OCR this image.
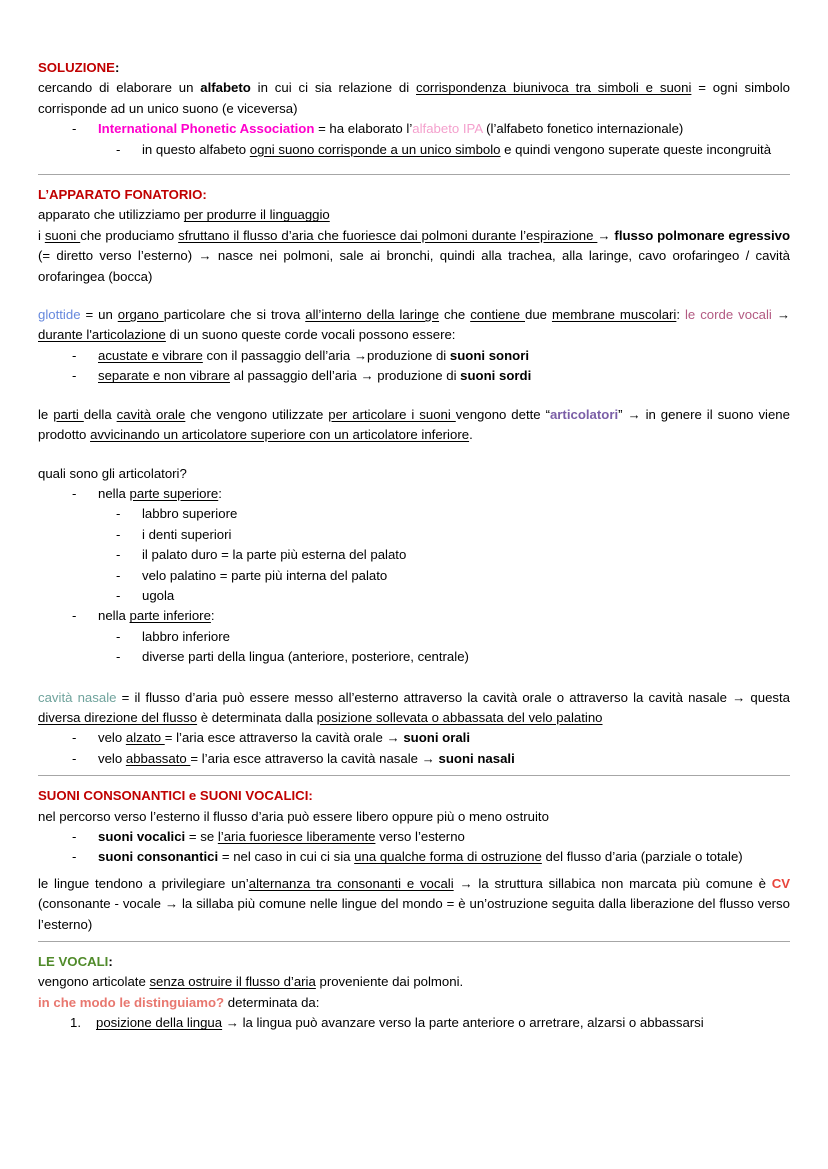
SOLUZIONE:

cercando di elaborare un alfabeto in cui ci sia relazione di corrispondenza biunivoca tra simboli e suoni = ogni simbolo corrisponde ad un unico suono (e viceversa)

- International Phonetic Association = ha elaborato l’alfabeto IPA (l’alfabeto fonetico internazionale)
- in questo alfabeto ogni suono corrisponde a un unico simbolo e quindi vengono superate queste incongruità

L’APPARATO FONATORIO:

apparato che utilizziamo per produrre il linguaggio

i suoni che produciamo sfruttano il flusso d’aria che fuoriesce dai polmoni durante l’espirazione → flusso polmonare egressivo (= diretto verso l’esterno) → nasce nei polmoni, sale ai bronchi, quindi alla trachea, alla laringe, cavo orofaringeo / cavità orofaringea (bocca)

glottide = un organo particolare che si trova all’interno della laringe che contiene due membrane muscolari: le corde vocali → durante l'articolazione di un suono queste corde vocali possono essere:

- acustate e vibrare con il passaggio dell’aria →produzione di suoni sonori
- separate e non vibrare al passaggio dell’aria → produzione di suoni sordi

le parti della cavità orale che vengono utilizzate per articolare i suoni vengono dette “articolatori” → in genere il suono viene prodotto avvicinando un articolatore superiore con un articolatore inferiore.

quali sono gli articolatori?

- nella parte superiore:
- labbro superiore
- i denti superiori
- il palato duro = la parte più esterna del palato
- velo palatino = parte più interna del palato
- ugola
- nella parte inferiore:
- labbro inferiore
- diverse parti della lingua (anteriore, posteriore, centrale)

cavità nasale = il flusso d’aria può essere messo all’esterno attraverso la cavità orale o attraverso la cavità nasale → questa diversa direzione del flusso è determinata dalla posizione sollevata o abbassata del velo palatino

- velo alzato = l’aria esce attraverso la cavità orale → suoni orali
- velo abbassato = l’aria esce attraverso la cavità nasale → suoni nasali

SUONI CONSONANTICI e SUONI VOCALICI:

nel percorso verso l’esterno il flusso d’aria può essere libero oppure più o meno ostruito

- suoni vocalici = se l’aria fuoriesce liberamente verso l’esterno
- suoni consonantici = nel caso in cui ci sia una qualche forma di ostruzione del flusso d’aria (parziale o totale)

le lingue tendono a privilegiare un’alternanza tra consonanti e vocali → la struttura sillabica non marcata più comune è CV (consonante - vocale → la sillaba più comune nelle lingue del mondo = è un’ostruzione seguita dalla liberazione del flusso verso l’esterno)

LE VOCALI:

vengono articolate senza ostruire il flusso d’aria proveniente dai polmoni.

in che modo le distinguiamo? determinata da:

posizione della lingua → la lingua può avanzare verso la parte anteriore o arretrare, alzarsi o abbassarsi
